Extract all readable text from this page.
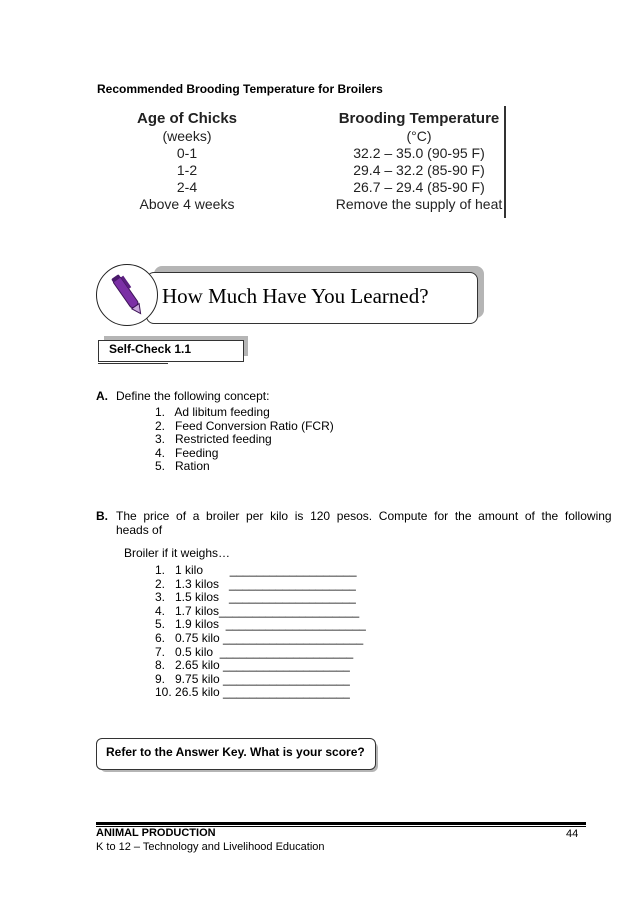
Recommended Brooding Temperature for Broilers
Age of Chicks
(weeks)
0-1
1-2
2-4
Above 4 weeks
Brooding Temperature
(°C)
32.2 – 35.0 (90-95 F)
29.4 – 32.2 (85-90 F)
26.7 – 29.4 (85-90 F)
Remove the supply of heat
How Much Have You Learned?
Self-Check 1.1
A. Define the following concept:
1.   Ad libitum feeding
2.   Feed Conversion Ratio (FCR)
3.   Restricted feeding
4.   Feeding
5.   Ration
B. The  price  of  a  broiler  per  kilo  is  120  pesos.  Compute  for  the  amount  of  the  following
heads of
Broiler if it weighs…
1.   1 kilo        ___________________
2.   1.3 kilos   ___________________
3.   1.5 kilos   ___________________
4.   1.7 kilos_____________________
5.   1.9 kilos  _____________________
6.   0.75 kilo _____________________
7.   0.5 kilo  ____________________
8.   2.65 kilo ___________________
9.   9.75 kilo ___________________
10. 26.5 kilo ___________________
Refer to the Answer Key. What is your score?
ANIMAL PRODUCTION	44
K to 12 – Technology and Livelihood Education
